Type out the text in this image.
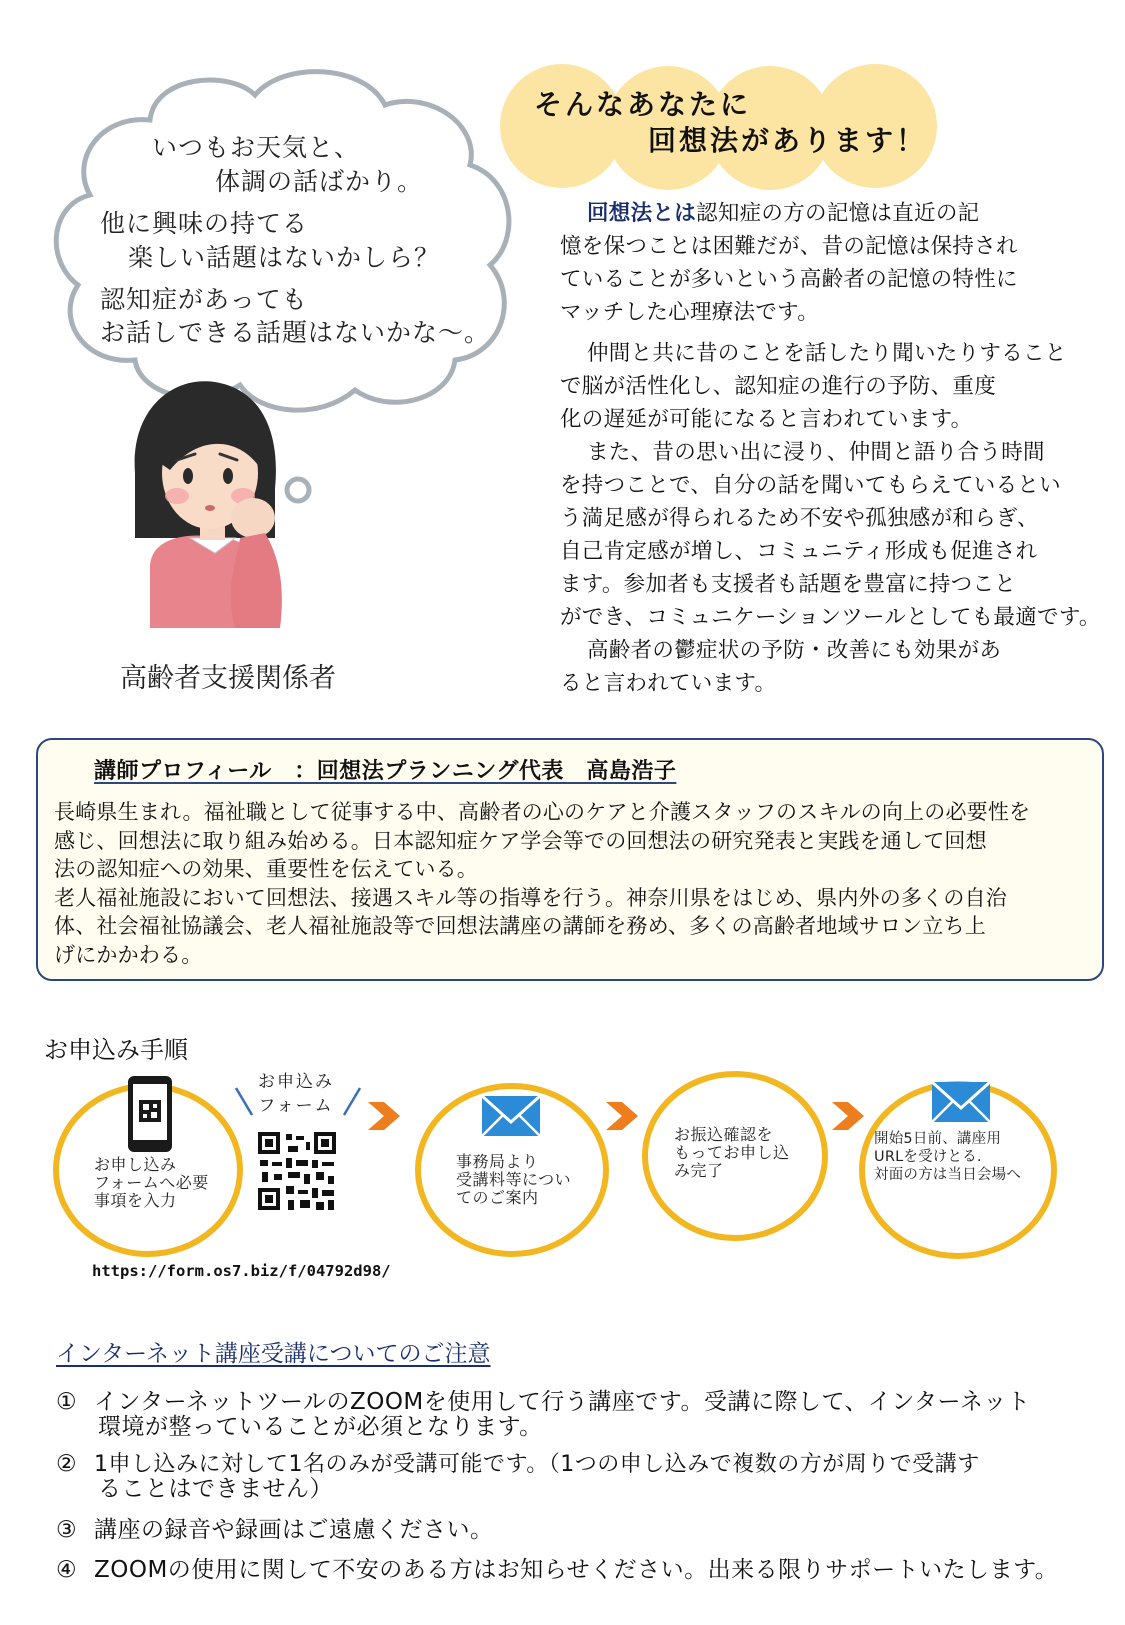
いつもお天気と、
体調の話ばかり。
他に興味の持てる
楽しい話題はないかしら？
認知症があっても
お話しできる話題はないかな〜。
高齢者支援関係者
そんなあなたに
回想法があります！
回想法とは認知症の方の記憶は直近の記
憶を保つことは困難だが、昔の記憶は保持され
ていることが多いという高齢者の記憶の特性に
マッチした心理療法です。
仲間と共に昔のことを話したり聞いたりすること
で脳が活性化し、認知症の進行の予防、重度
化の遅延が可能になると言われています。
また、昔の思い出に浸り、仲間と語り合う時間
を持つことで、自分の話を聞いてもらえているとい
う満足感が得られるため不安や孤独感が和らぎ、
自己肯定感が増し、コミュニティ形成も促進され
ます。参加者も支援者も話題を豊富に持つこと
ができ、コミュニケーションツールとしても最適です。
高齢者の鬱症状の予防・改善にも効果があ
ると言われています。
講師プロフィール　：回想法プランニング代表　高島浩子
長崎県生まれ。福祉職として従事する中、高齢者の心のケアと介護スタッフのスキルの向上の必要性を
感じ、回想法に取り組み始める。日本認知症ケア学会等での回想法の研究発表と実践を通して回想
法の認知症への効果、重要性を伝えている。
老人福祉施設において回想法、接遇スキル等の指導を行う。神奈川県をはじめ、県内外の多くの自治
体、社会福祉協議会、老人福祉施設等で回想法講座の講師を務め、多くの高齢者地域サロン立ち上
げにかかわる。
お申込み手順
お申込み
フォーム
お申し込み
フォームへ必要
事項を入力
事務局より
受講料等につい
てのご案内
お振込確認を
もってお申し込
み完了
開始5日前、講座用
URLを受けとる.
対面の方は当日会場へ
https://form.os7.biz/f/04792d98/
インターネット講座受講についてのご注意
① インターネットツールのZOOMを使用して行う講座です。受講に際して、インターネット
環境が整っていることが必須となります。
② 1申し込みに対して1名のみが受講可能です。（1つの申し込みで複数の方が周りで受講す
ることはできません）
③ 講座の録音や録画はご遠慮ください。
④ ZOOMの使用に関して不安のある方はお知らせください。出来る限りサポートいたします。
